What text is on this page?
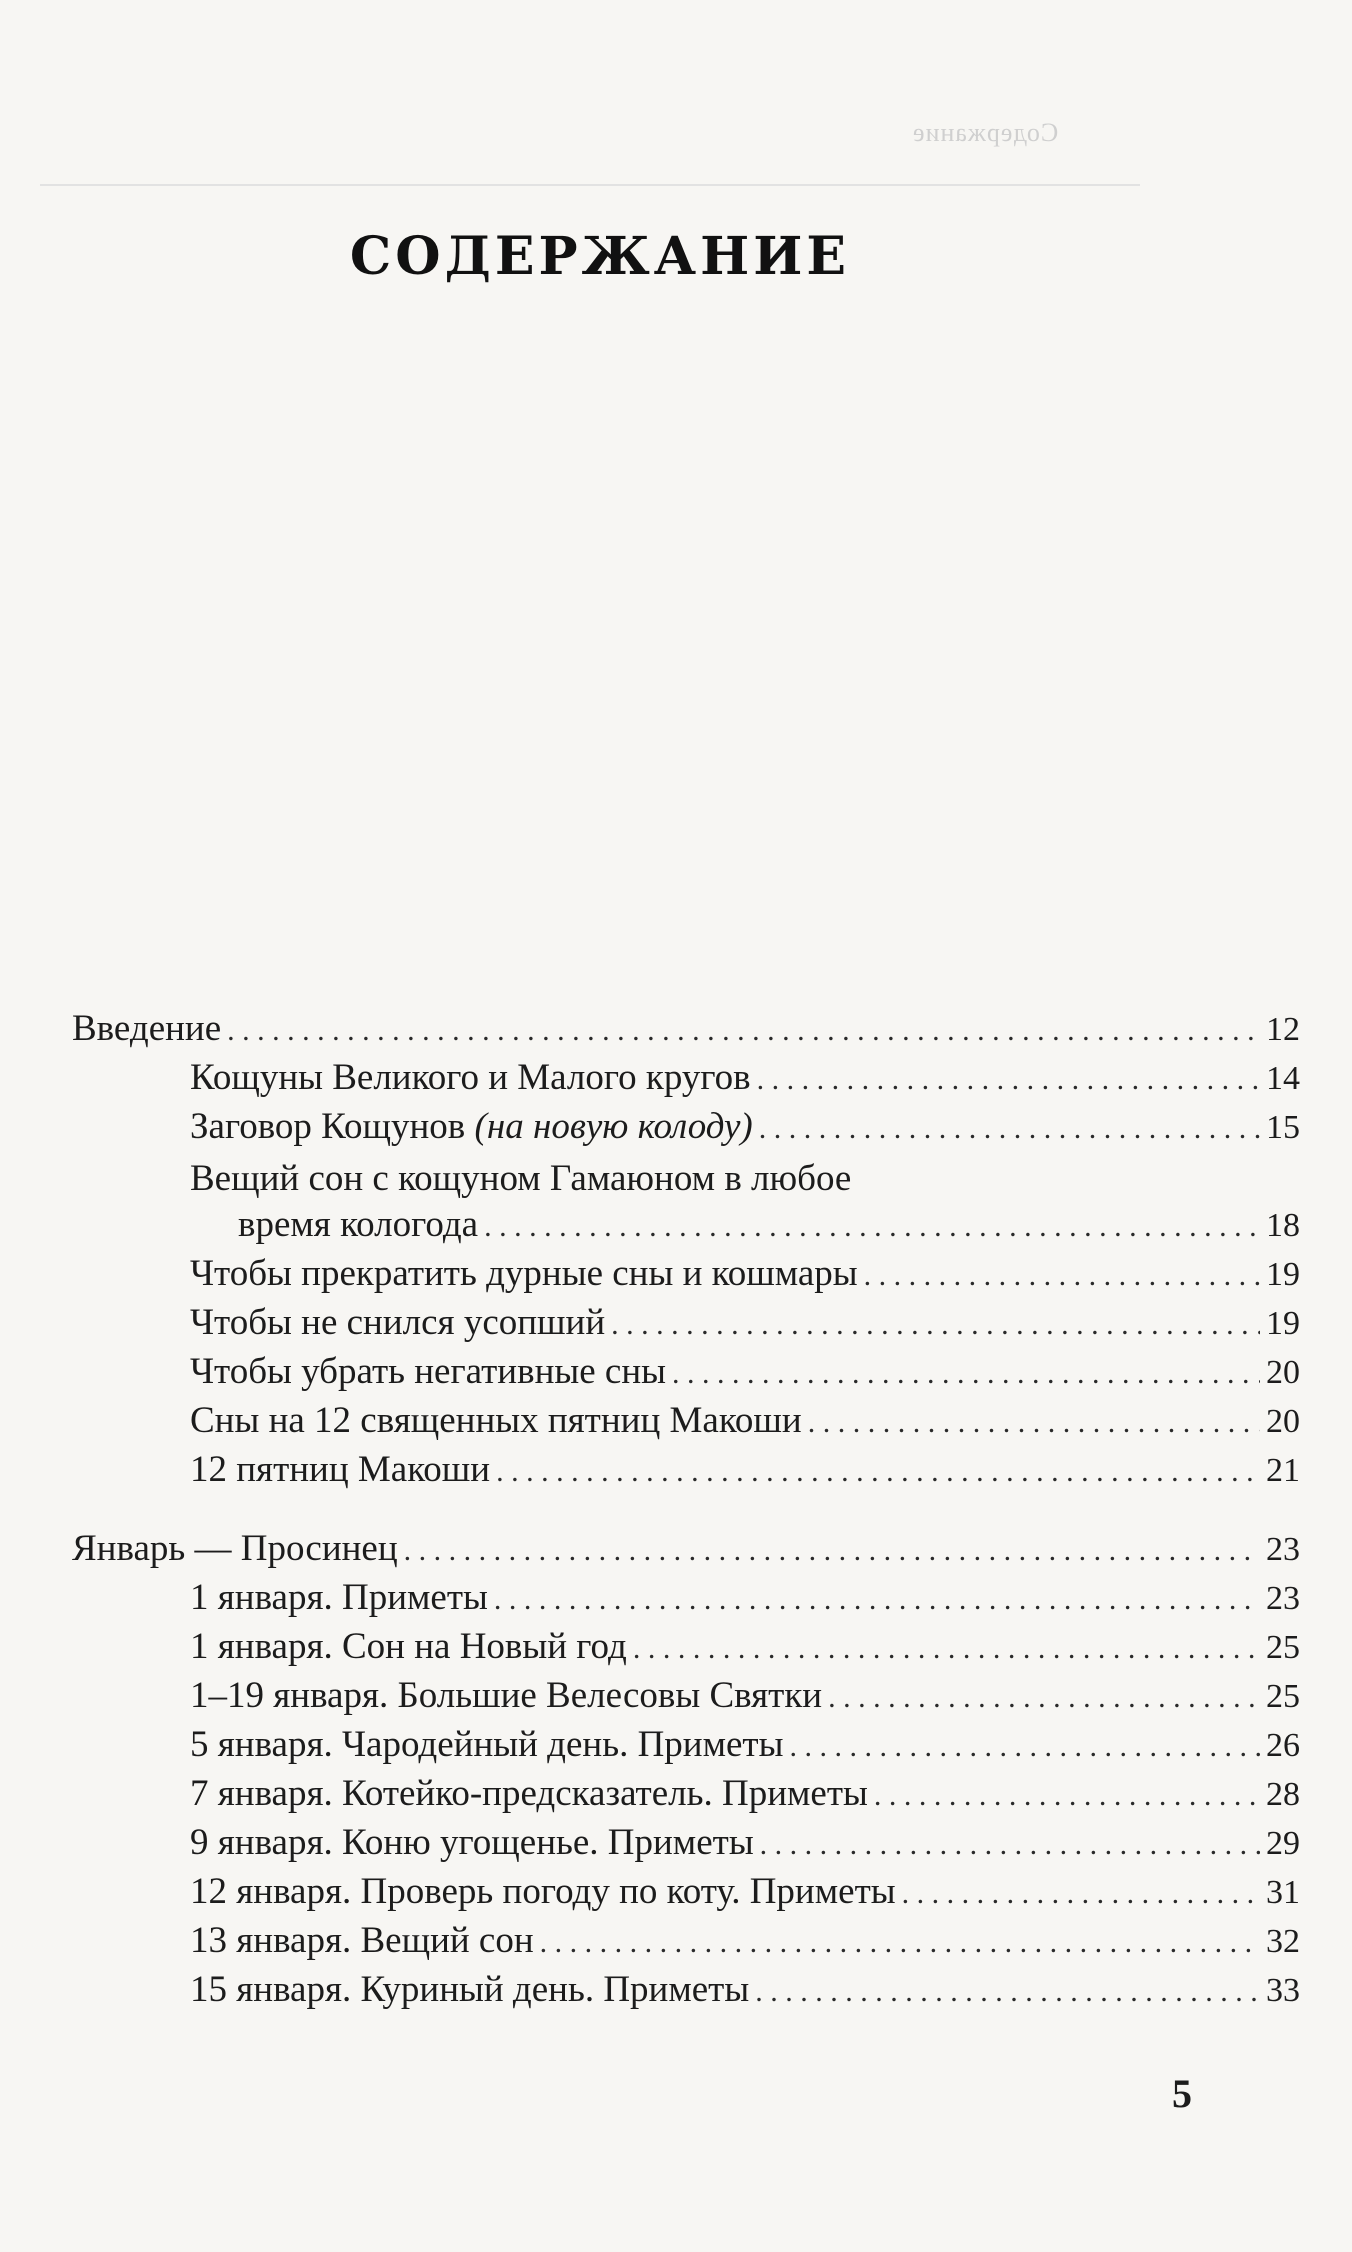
Содержание
СОДЕРЖАНИЕ
Введение . . .	12
Кощуны Великого и Малого кругов . . .	14
Заговор Кощунов (на новую колоду) . . .	15
Вещий сон с кощуном Гамаюном в любое
время кологода . . .	18
Чтобы прекратить дурные сны и кошмары . . .	19
Чтобы не снился усопший . . .	19
Чтобы убрать негативные сны . . .	20
Сны на 12 священных пятниц Макоши . . .	20
12 пятниц Макоши . . .	21
Январь — Просинец . . .	23
1 января. Приметы . . .	23
1 января. Сон на Новый год . . .	25
1–19 января. Большие Велесовы Святки . . .	25
5 января. Чародейный день. Приметы . . .	26
7 января. Котейко-предсказатель. Приметы . . .	28
9 января. Коню угощенье. Приметы . . .	29
12 января. Проверь погоду по коту. Приметы . . .	31
13 января. Вещий сон . . .	32
15 января. Куриный день. Приметы . . .	33
5
